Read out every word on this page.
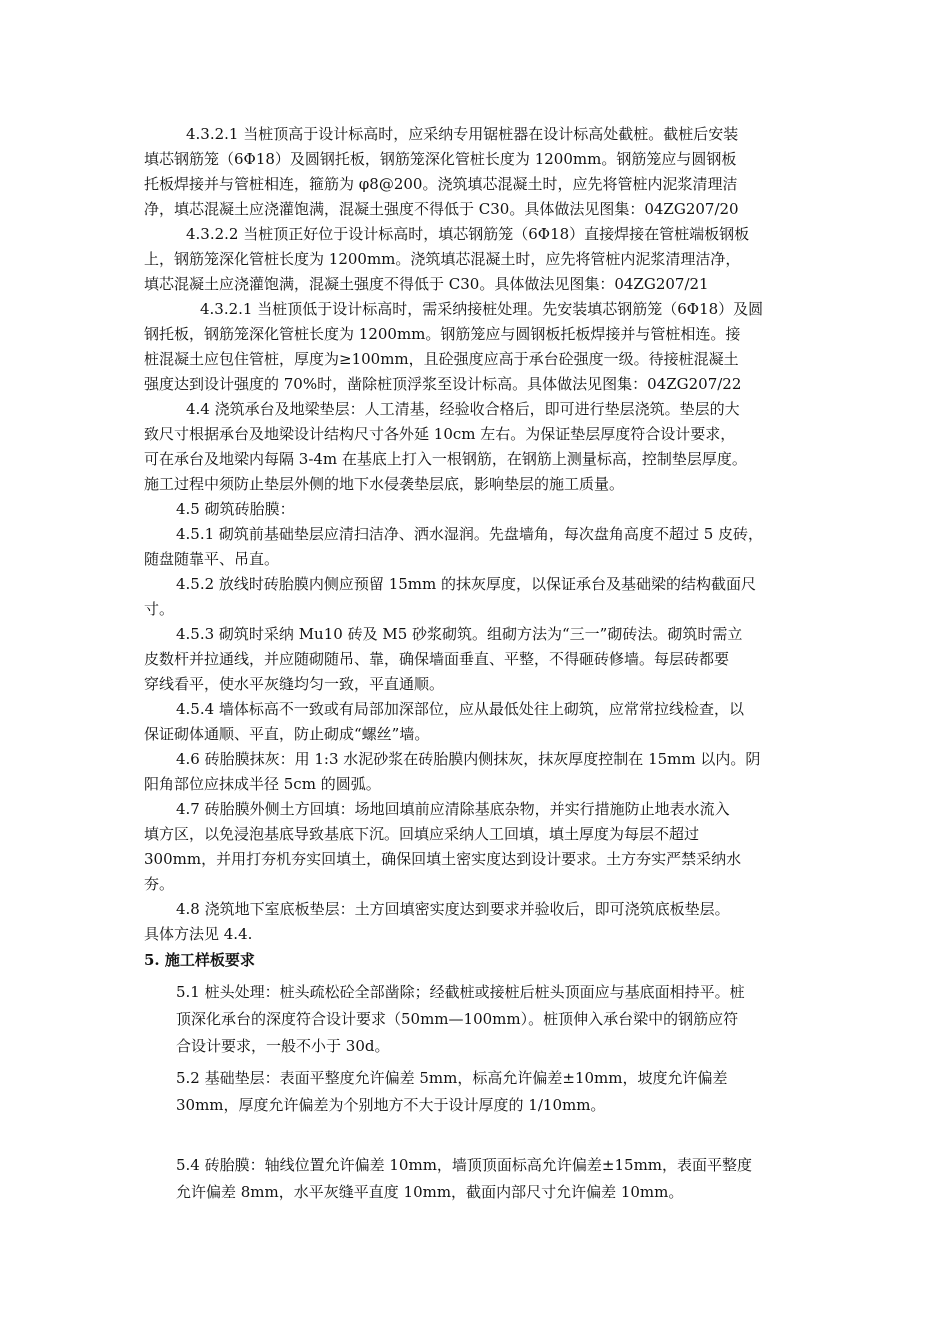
4.3.2.1 当桩顶高于设计标高时，应采纳专用锯桩器在设计标高处截桩。截桩后安装
填芯钢筋笼（6Φ18）及圆钢托板，钢筋笼深化管桩长度为 1200mm。钢筋笼应与圆钢板
托板焊接并与管桩相连，箍筋为 φ8@200。浇筑填芯混凝土时，应先将管桩内泥浆清理洁
净，填芯混凝土应浇灌饱满，混凝土强度不得低于 C30。具体做法见图集：04ZG207/20
4.3.2.2 当桩顶正好位于设计标高时，填芯钢筋笼（6Φ18）直接焊接在管桩端板钢板
上，钢筋笼深化管桩长度为 1200mm。浇筑填芯混凝土时，应先将管桩内泥浆清理洁净，
填芯混凝土应浇灌饱满，混凝土强度不得低于 C30。具体做法见图集：04ZG207/21
4.3.2.1 当桩顶低于设计标高时，需采纳接桩处理。先安装填芯钢筋笼（6Φ18）及圆
钢托板，钢筋笼深化管桩长度为 1200mm。钢筋笼应与圆钢板托板焊接并与管桩相连。接
桩混凝土应包住管桩，厚度为≥100mm，且砼强度应高于承台砼强度一级。待接桩混凝土
强度达到设计强度的 70%时，凿除桩顶浮浆至设计标高。具体做法见图集：04ZG207/22
4.4 浇筑承台及地梁垫层：人工清基，经验收合格后，即可进行垫层浇筑。垫层的大
致尺寸根据承台及地梁设计结构尺寸各外延 10cm 左右。为保证垫层厚度符合设计要求，
可在承台及地梁内每隔 3-4m 在基底上打入一根钢筋，在钢筋上测量标高，控制垫层厚度。
施工过程中须防止垫层外侧的地下水侵袭垫层底，影响垫层的施工质量。
4.5 砌筑砖胎膜：
4.5.1 砌筑前基础垫层应清扫洁净、洒水湿润。先盘墙角，每次盘角高度不超过 5 皮砖，
随盘随靠平、吊直。
4.5.2 放线时砖胎膜内侧应预留 15mm 的抹灰厚度，以保证承台及基础梁的结构截面尺
寸。
4.5.3 砌筑时采纳 Mu10 砖及 M5 砂浆砌筑。组砌方法为“三一”砌砖法。砌筑时需立
皮数杆并拉通线，并应随砌随吊、靠，确保墙面垂直、平整，不得砸砖修墙。每层砖都要
穿线看平，使水平灰缝均匀一致，平直通顺。
4.5.4 墙体标高不一致或有局部加深部位，应从最低处往上砌筑，应常常拉线检查，以
保证砌体通顺、平直，防止砌成“螺丝”墙。
4.6 砖胎膜抹灰：用 1:3 水泥砂浆在砖胎膜内侧抹灰，抹灰厚度控制在 15mm 以内。阴
阳角部位应抹成半径 5cm 的圆弧。
4.7 砖胎膜外侧土方回填：场地回填前应清除基底杂物，并实行措施防止地表水流入
填方区，以免浸泡基底导致基底下沉。回填应采纳人工回填，填土厚度为每层不超过
300mm，并用打夯机夯实回填土，确保回填土密实度达到设计要求。土方夯实严禁采纳水
夯。
4.8 浇筑地下室底板垫层：土方回填密实度达到要求并验收后，即可浇筑底板垫层。
具体方法见 4.4.
5. 施工样板要求
5.1 桩头处理：桩头疏松砼全部凿除；经截桩或接桩后桩头顶面应与基底面相持平。桩
顶深化承台的深度符合设计要求（50mm—100mm）。桩顶伸入承台梁中的钢筋应符
合设计要求，一般不小于 30d。
5.2 基础垫层：表面平整度允许偏差 5mm，标高允许偏差±10mm，坡度允许偏差
30mm，厚度允许偏差为个别地方不大于设计厚度的 1/10mm。
5.4 砖胎膜：轴线位置允许偏差 10mm，墙顶顶面标高允许偏差±15mm，表面平整度
允许偏差 8mm，水平灰缝平直度 10mm，截面内部尺寸允许偏差 10mm。
